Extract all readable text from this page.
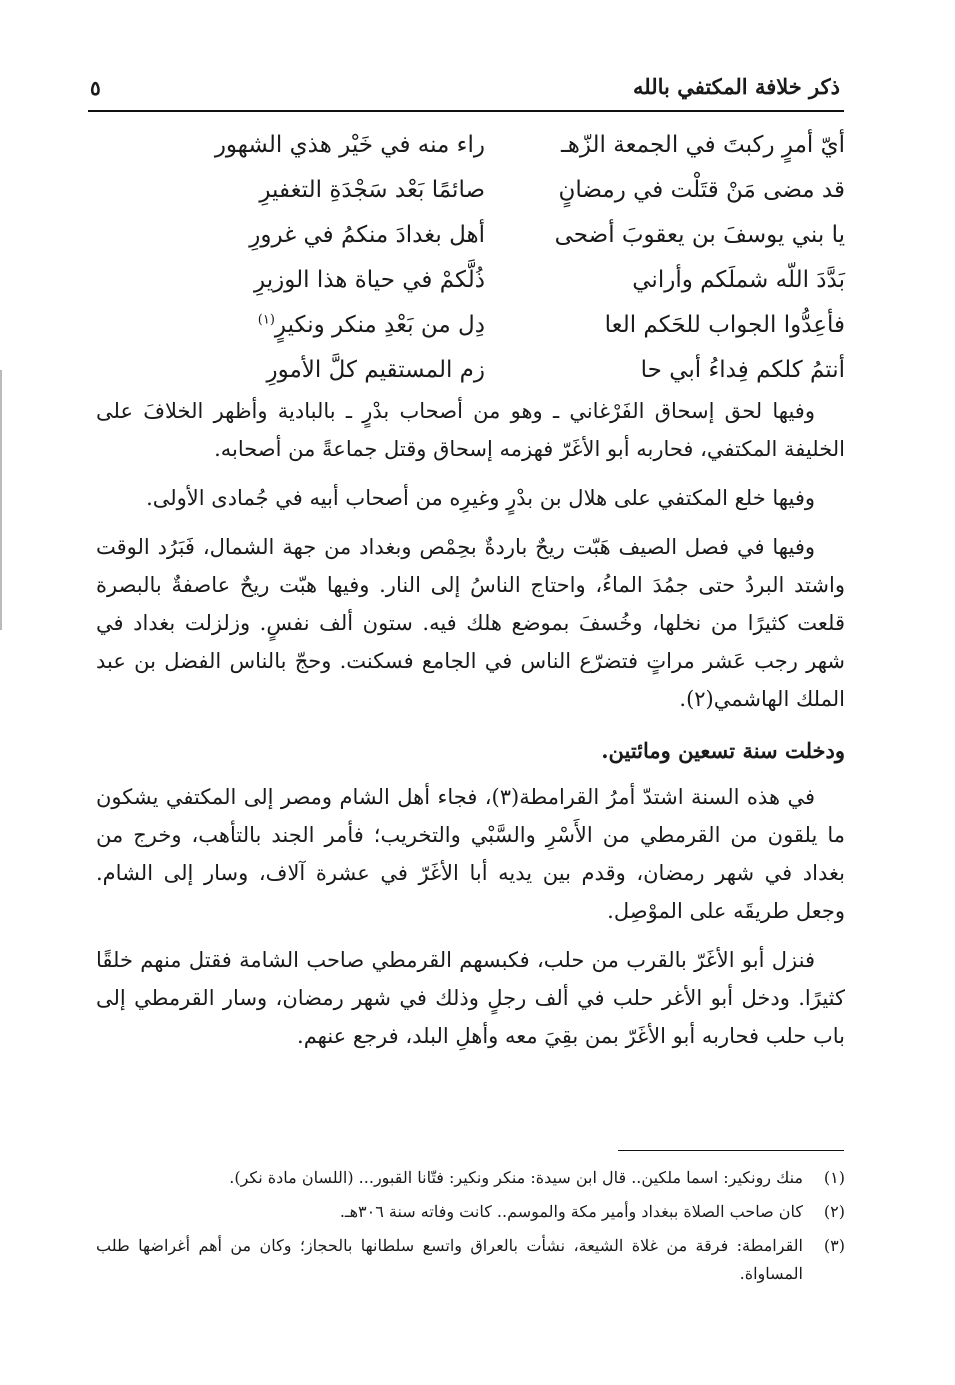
ذكر خلافة المكتفي بالله
٥
أيّ أمرٍ ركبتَ في الجمعة الزّهـ
راء منه في خَيْر هذي الشهور
قد مضى مَنْ قتَلْت في رمضانٍ
صائمًا بَعْد سَجْدَةِ التغفيرِ
يا بني يوسفَ بن يعقوبَ أضحى
أهل بغدادَ منكمُ في غرورِ
بَدَّدَ اللّه شملَكم وأراني
ذُلَّكمْ في حياة هذا الوزيرِ
فأعِدُّوا الجواب للحَكم العا
دِل من بَعْدِ منكر ونكيرٍ$^{(١)}$
أنتمُ كلكم فِداءُ أبي حا
زم المستقيم كلَّ الأمورِ

وفيها لحق إسحاق الفَرْغاني ـ وهو من أصحاب بدْرٍ ـ بالبادية وأظهر الخلافَ على الخليفة المكتفي، فحاربه أبو الأغَرّ فهزمه إسحاق وقتل جماعةً من أصحابه.

وفيها خلع المكتفي على هلال بن بدْرٍ وغيرِه من أصحاب أبيه في جُمادى الأولى.

وفيها في فصل الصيف هَبّت ريحٌ باردةٌ بحِمْص وبغداد من جهة الشمال، فَبَرُد الوقت واشتد البردُ حتى جمُدَ الماءُ، واحتاج الناسُ إلى النار. وفيها هبّت ريحٌ عاصفةٌ بالبصرة قلعت كثيرًا من نخلها، وخُسفَ بموضع هلك فيه. ستون ألف نفسٍ. وزلزلت بغداد في شهر رجب عَشر مراتٍ فتضرّع الناس في الجامع فسكنت. وحجّ بالناس الفضل بن عبد الملك الهاشمي(٢).

ودخلت سنة تسعين ومائتين.

في هذه السنة اشتدّ أمرُ القرامطة(٣)، فجاء أهل الشام ومصر إلى المكتفي يشكون ما يلقون من القرمطي من الأَسْرِ والسَّبْي والتخريب؛ فأمر الجند بالتأهب، وخرج من بغداد في شهر رمضان، وقدم بين يديه أبا الأغَرّ في عشرة آلاف، وسار إلى الشام. وجعل طريقَه على الموْصِل.

فنزل أبو الأغَرّ بالقرب من حلب، فكبسهم القرمطي صاحب الشامة فقتل منهم خلقًا كثيرًا. ودخل أبو الأغر حلب في ألف رجلٍ وذلك في شهر رمضان، وسار القرمطي إلى باب حلب فحاربه أبو الأغَرّ بمن بقِيَ معه وأهلِ البلد، فرجع عنهم.

(١)
منك رونكير: اسما ملكين.. قال ابن سيدة: منكر ونكير: فتّانا القبور... (اللسان مادة نكر).
(٢)
كان صاحب الصلاة ببغداد وأمير مكة والموسم.. كانت وفاته سنة ٣٠٦هـ.
(٣)
القرامطة: فرقة من غلاة الشيعة، نشأت بالعراق واتسع سلطانها بالحجاز؛ وكان من أهم أغراضها طلب المساواة.
